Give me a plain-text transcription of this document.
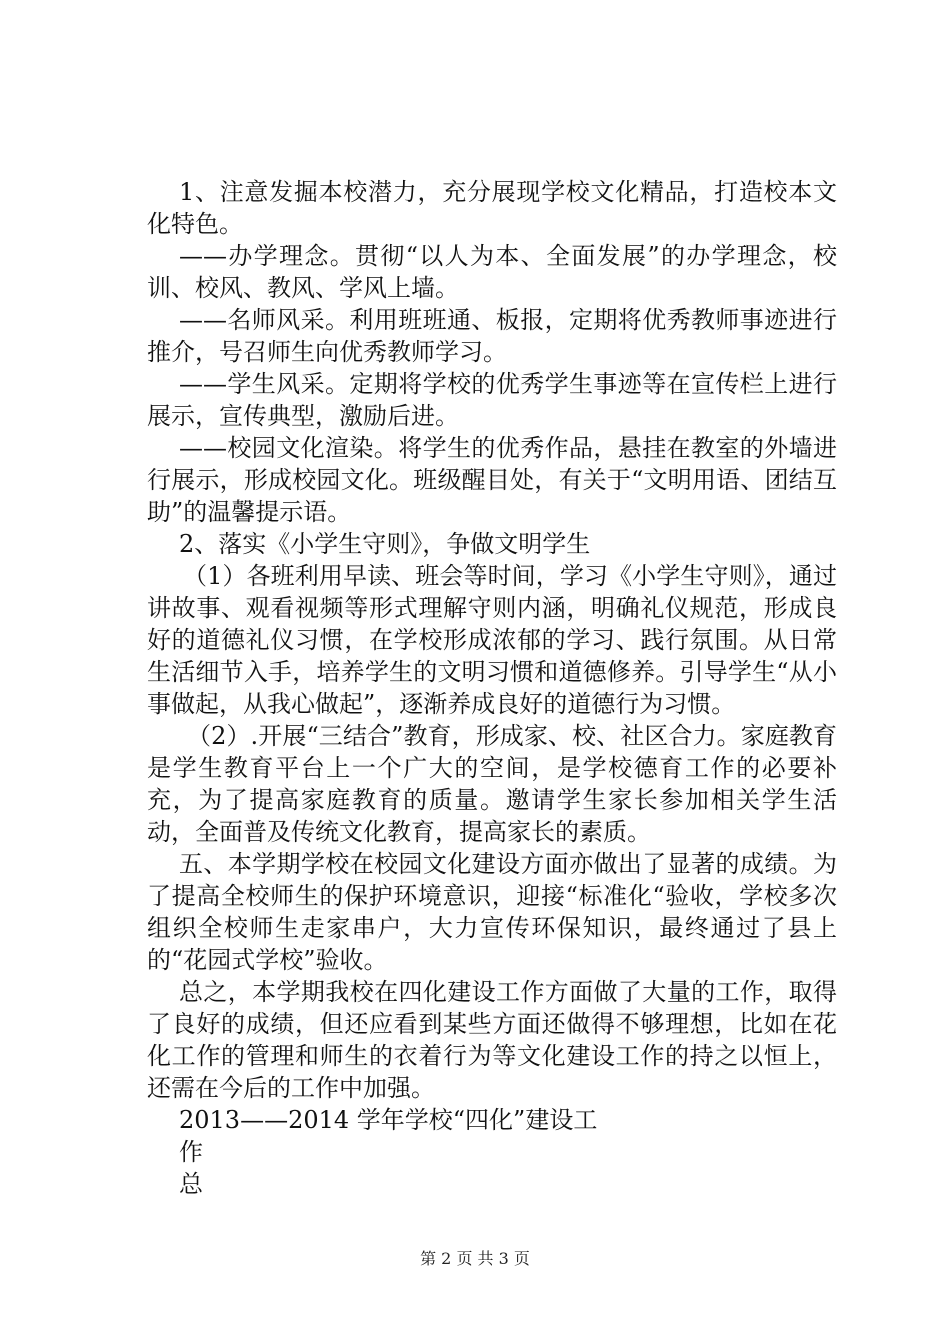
1、注意发掘本校潜力，充分展现学校文化精品，打造校本文化特色。

——办学理念。贯彻“以人为本、全面发展”的办学理念，校训、校风、教风、学风上墙。

——名师风采。利用班班通、板报，定期将优秀教师事迹进行推介，号召师生向优秀教师学习。

——学生风采。定期将学校的优秀学生事迹等在宣传栏上进行展示，宣传典型，激励后进。

——校园文化渲染。将学生的优秀作品，悬挂在教室的外墙进行展示，形成校园文化。班级醒目处，有关于“文明用语、团结互助”的温馨提示语。

2、落实《小学生守则》，争做文明学生

（1）各班利用早读、班会等时间，学习《小学生守则》，通过讲故事、观看视频等形式理解守则内涵，明确礼仪规范，形成良好的道德礼仪习惯，在学校形成浓郁的学习、践行氛围。从日常生活细节入手，培养学生的文明习惯和道德修养。引导学生“从小事做起，从我心做起”，逐渐养成良好的道德行为习惯。

（2）.开展“三结合”教育，形成家、校、社区合力。家庭教育是学生教育平台上一个广大的空间，是学校德育工作的必要补充，为了提高家庭教育的质量。邀请学生家长参加相关学生活动，全面普及传统文化教育，提高家长的素质。

五、本学期学校在校园文化建设方面亦做出了显著的成绩。为了提高全校师生的保护环境意识，迎接“标准化“验收，学校多次组织全校师生走家串户，大力宣传环保知识，最终通过了县上的“花园式学校”验收。

总之，本学期我校在四化建设工作方面做了大量的工作，取得了良好的成绩，但还应看到某些方面还做得不够理想，比如在花化工作的管理和师生的衣着行为等文化建设工作的持之以恒上，还需在今后的工作中加强。

2013——2014 学年学校“四化”建设工
作
总
第 2 页 共 3 页
